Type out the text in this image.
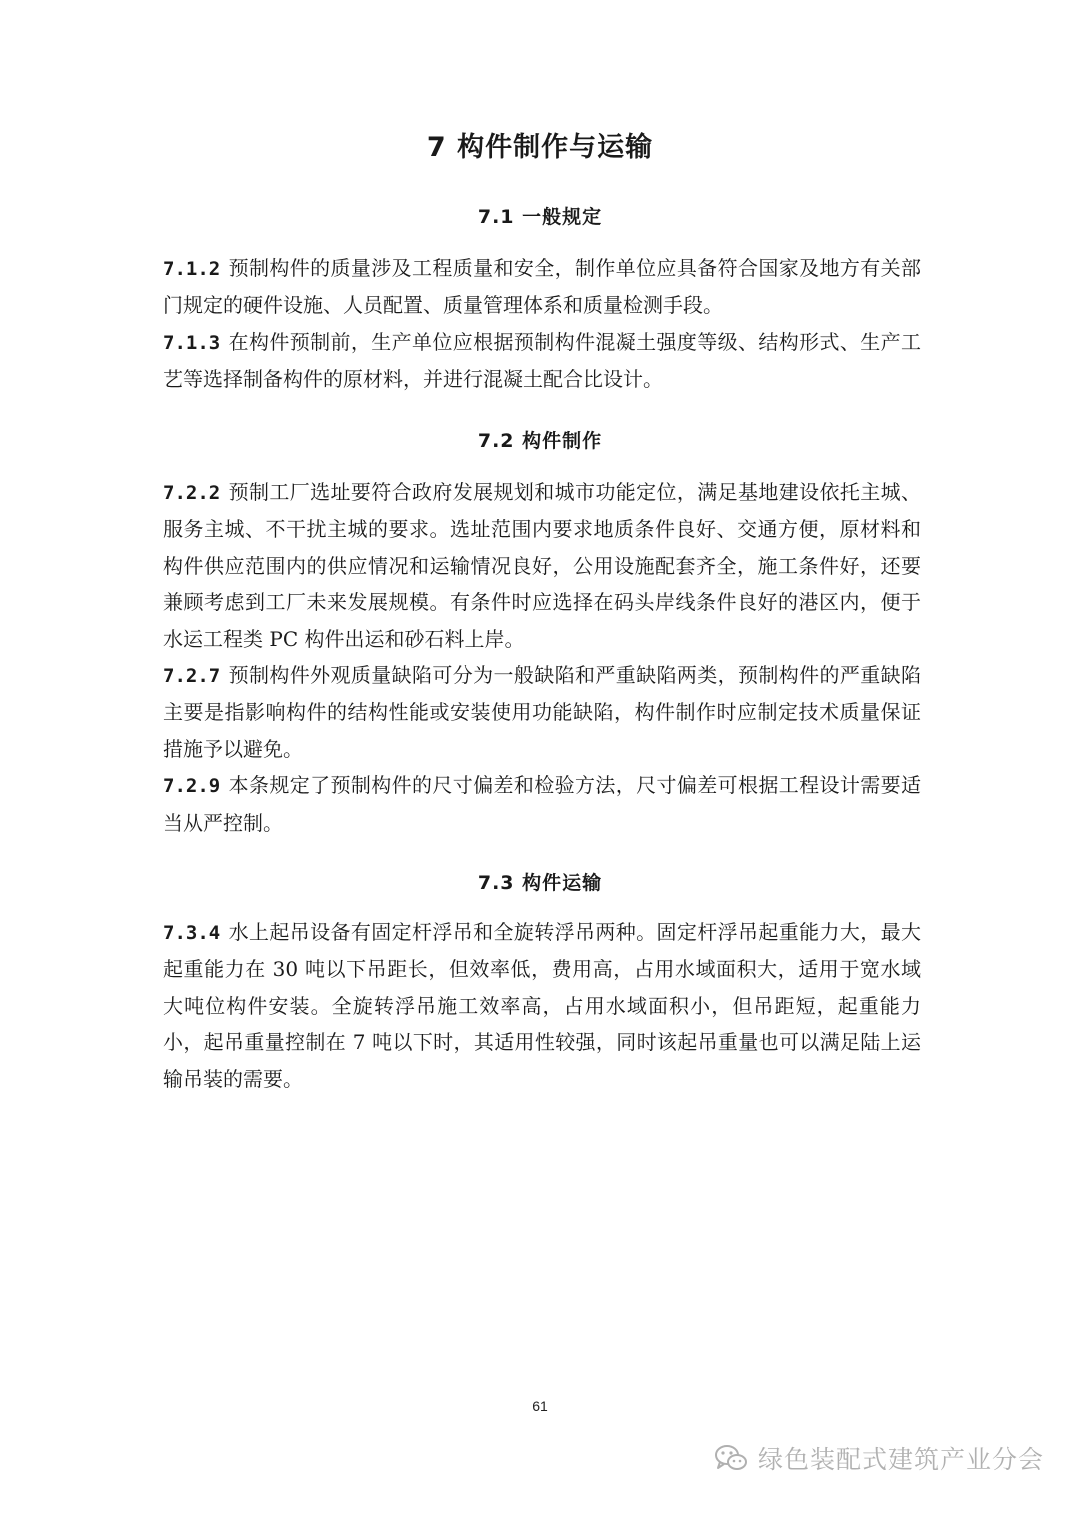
7 构件制作与运输
7.1 一般规定

7.1.2 预制构件的质量涉及工程质量和安全，制作单位应具备符合国家及地方有关部门规定的硬件设施、人员配置、质量管理体系和质量检测手段。

7.1.3 在构件预制前，生产单位应根据预制构件混凝土强度等级、结构形式、生产工艺等选择制备构件的原材料，并进行混凝土配合比设计。

7.2 构件制作

7.2.2 预制工厂选址要符合政府发展规划和城市功能定位，满足基地建设依托主城、服务主城、不干扰主城的要求。选址范围内要求地质条件良好、交通方便，原材料和构件供应范围内的供应情况和运输情况良好，公用设施配套齐全，施工条件好，还要兼顾考虑到工厂未来发展规模。有条件时应选择在码头岸线条件良好的港区内，便于水运工程类 PC 构件出运和砂石料上岸。

7.2.7 预制构件外观质量缺陷可分为一般缺陷和严重缺陷两类，预制构件的严重缺陷主要是指影响构件的结构性能或安装使用功能缺陷，构件制作时应制定技术质量保证措施予以避免。

7.2.9 本条规定了预制构件的尺寸偏差和检验方法，尺寸偏差可根据工程设计需要适当从严控制。

7.3 构件运输

7.3.4 水上起吊设备有固定杆浮吊和全旋转浮吊两种。固定杆浮吊起重能力大，最大起重能力在 30 吨以下吊距长，但效率低，费用高，占用水域面积大，适用于宽水域大吨位构件安装。全旋转浮吊施工效率高，占用水域面积小，但吊距短，起重能力小，起吊重量控制在 7 吨以下时，其适用性较强，同时该起吊重量也可以满足陆上运输吊装的需要。

61
绿色装配式建筑产业分会
